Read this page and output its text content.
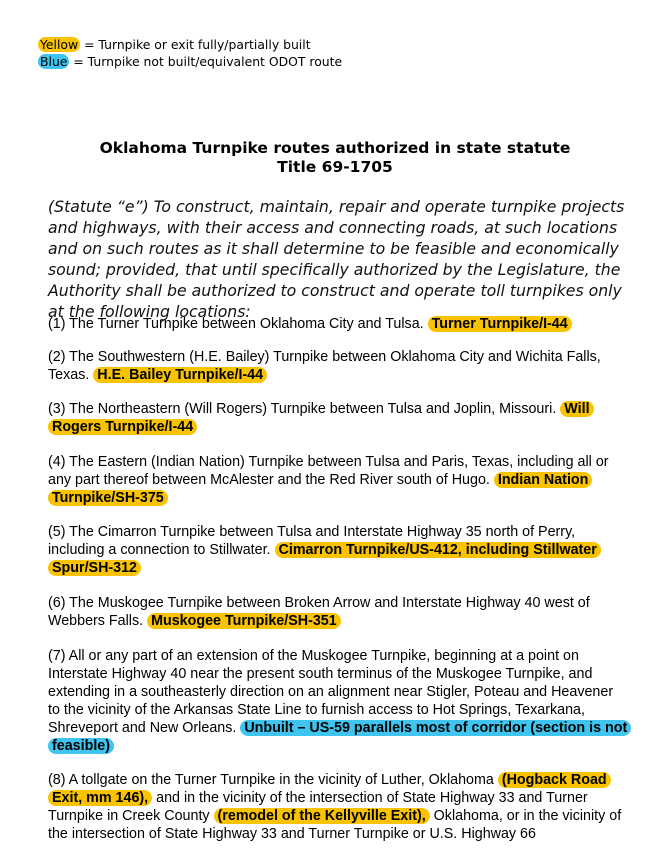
Yellow = Turnpike or exit fully/partially built
Blue = Turnpike not built/equivalent ODOT route
Oklahoma Turnpike routes authorized in state statute
Title 69-1705
(Statute “e”) To construct, maintain, repair and operate turnpike projects and highways, with their access and connecting roads, at such locations and on such routes as it shall determine to be feasible and economically sound; provided, that until specifically authorized by the Legislature, the Authority shall be authorized to construct and operate toll turnpikes only at the following locations:
(1) The Turner Turnpike between Oklahoma City and Tulsa. Turner Turnpike/I-44
(2) The Southwestern (H.E. Bailey) Turnpike between Oklahoma City and Wichita Falls, Texas. H.E. Bailey Turnpike/I-44
(3) The Northeastern (Will Rogers) Turnpike between Tulsa and Joplin, Missouri. Will Rogers Turnpike/I-44
(4) The Eastern (Indian Nation) Turnpike between Tulsa and Paris, Texas, including all or any part thereof between McAlester and the Red River south of Hugo. Indian Nation Turnpike/SH-375
(5) The Cimarron Turnpike between Tulsa and Interstate Highway 35 north of Perry, including a connection to Stillwater. Cimarron Turnpike/US-412, including Stillwater Spur/SH-312
(6) The Muskogee Turnpike between Broken Arrow and Interstate Highway 40 west of Webbers Falls. Muskogee Turnpike/SH-351
(7) All or any part of an extension of the Muskogee Turnpike, beginning at a point on Interstate Highway 40 near the present south terminus of the Muskogee Turnpike, and extending in a southeasterly direction on an alignment near Stigler, Poteau and Heavener to the vicinity of the Arkansas State Line to furnish access to Hot Springs, Texarkana, Shreveport and New Orleans. Unbuilt – US-59 parallels most of corridor (section is not feasible)
(8) A tollgate on the Turner Turnpike in the vicinity of Luther, Oklahoma (Hogback Road Exit, mm 146), and in the vicinity of the intersection of State Highway 33 and Turner Turnpike in Creek County (remodel of the Kellyville Exit), Oklahoma, or in the vicinity of the intersection of State Highway 33 and Turner Turnpike or U.S. Highway 66
